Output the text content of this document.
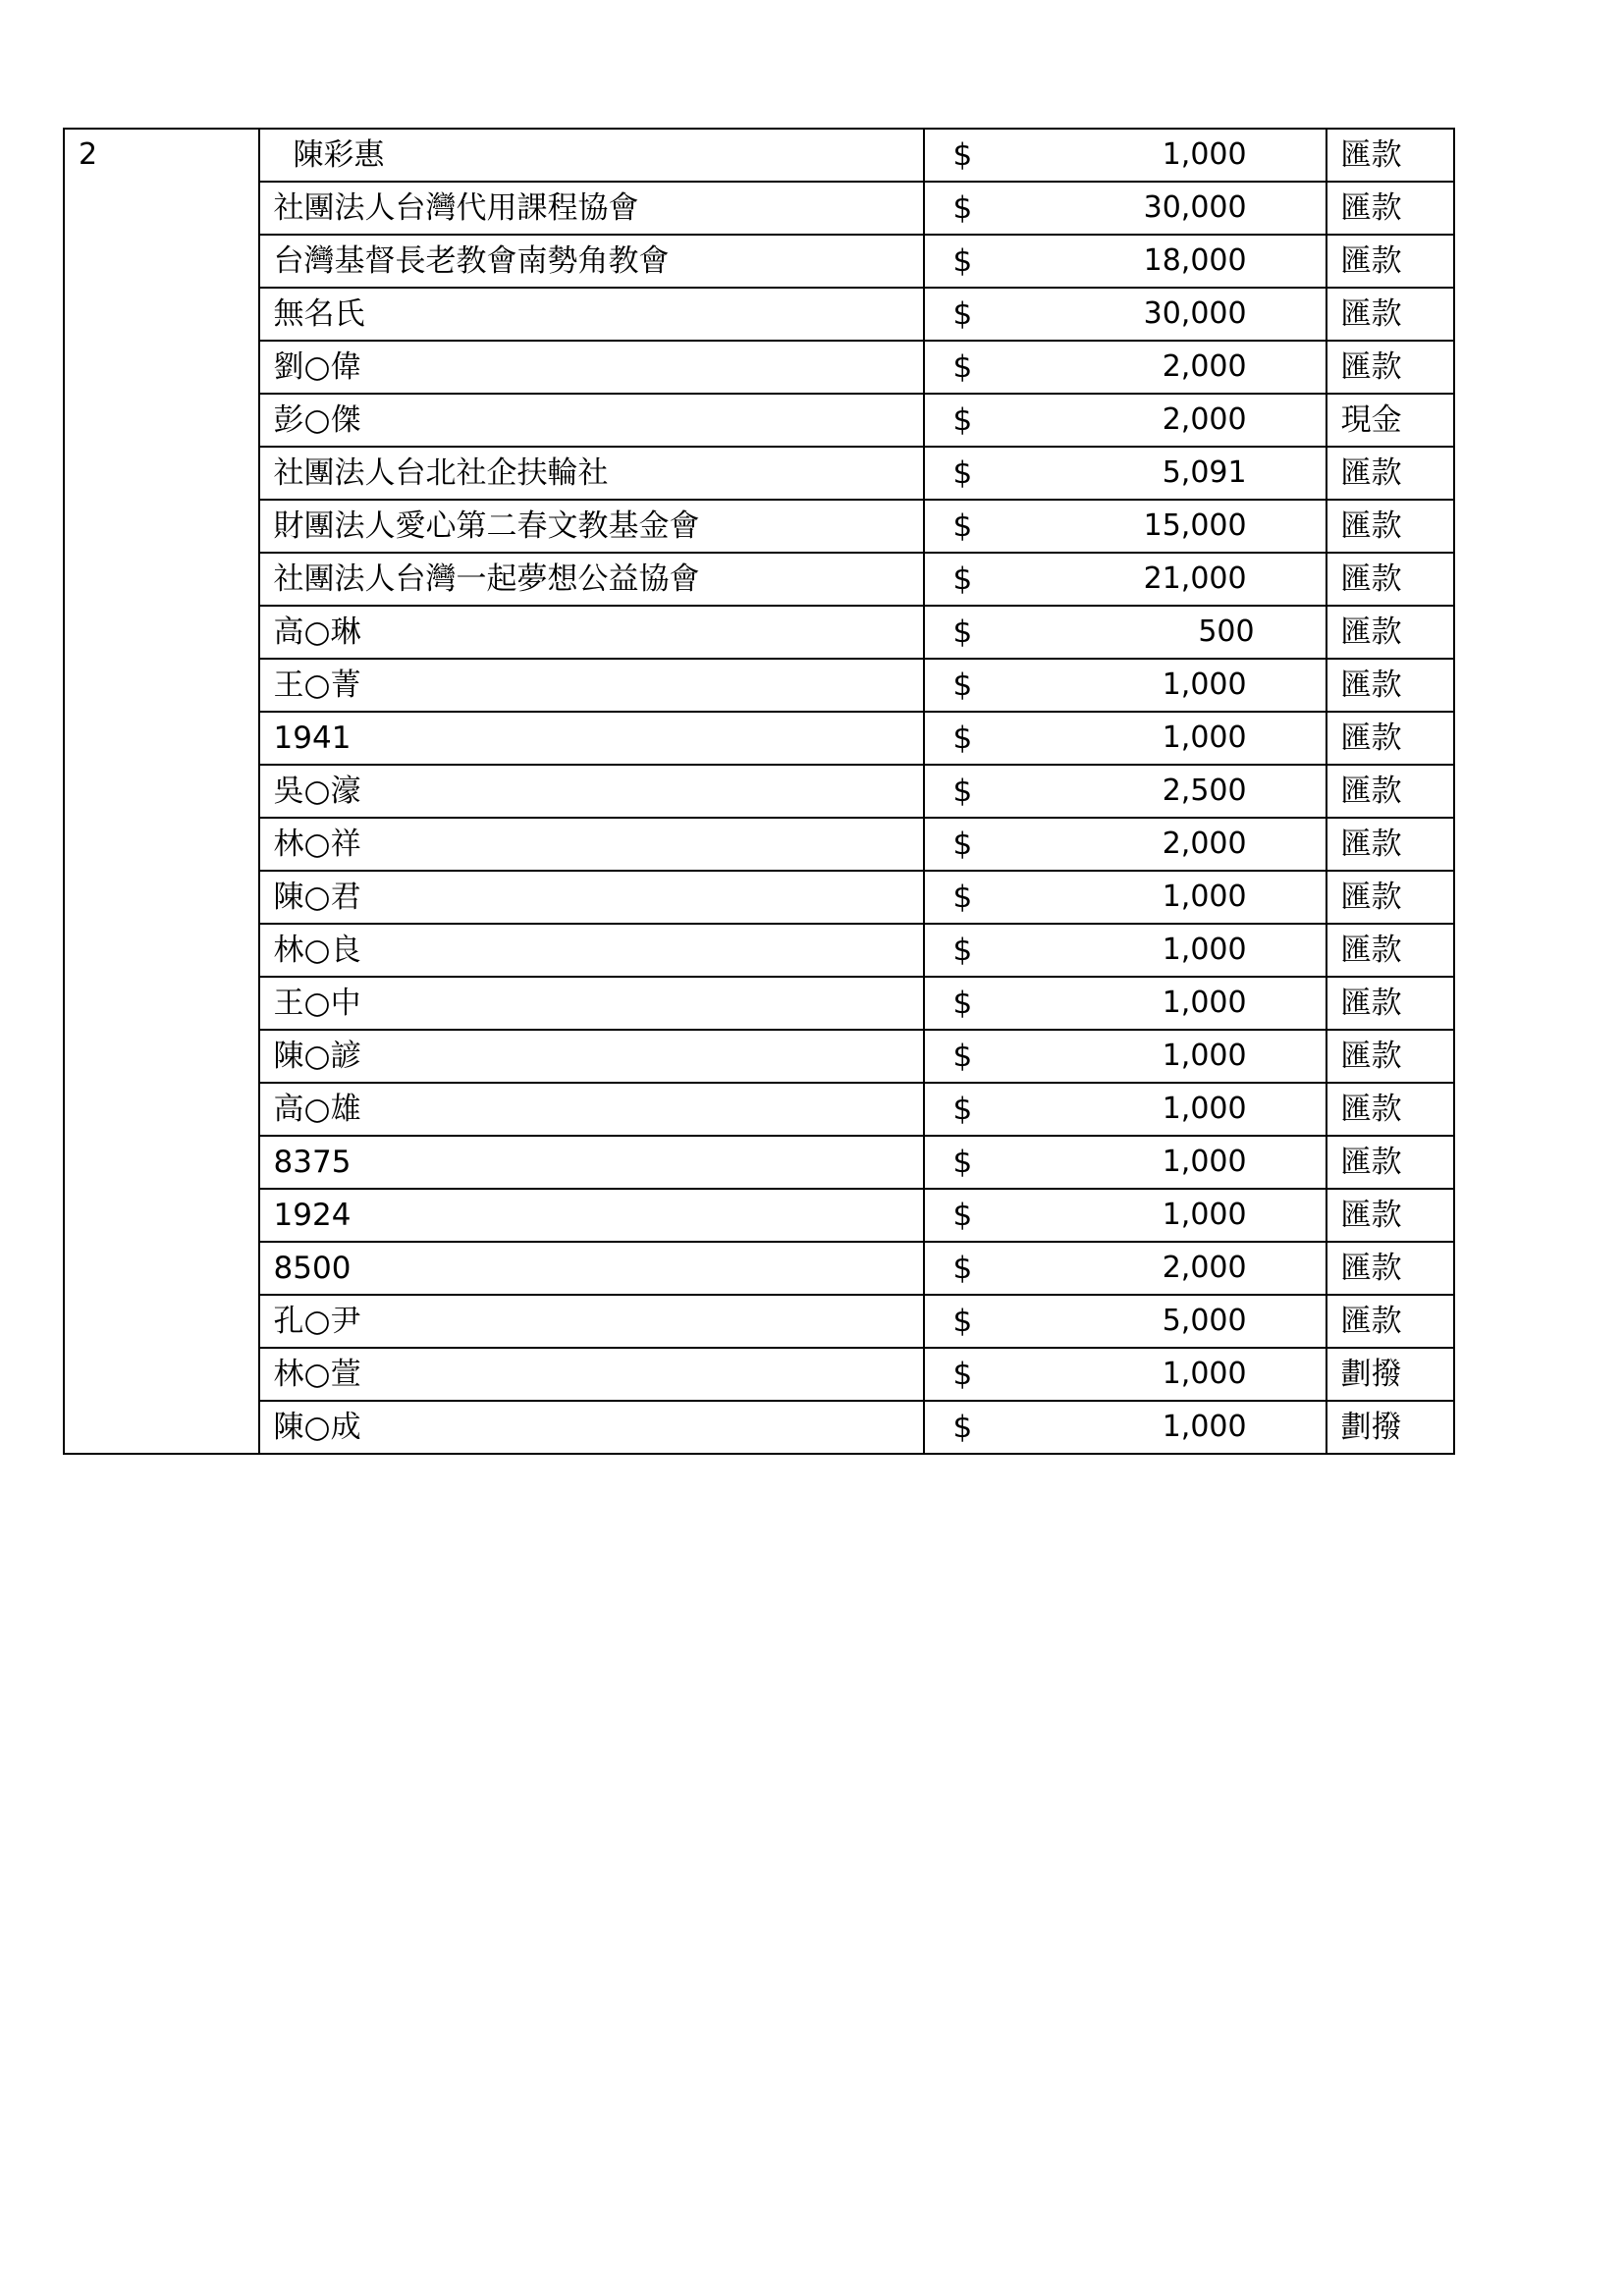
2	陳彩惠	$ 1,000	匯款
	社團法人台灣代用課程協會	$ 30,000	匯款
	台灣基督長老教會南勢角教會	$ 18,000	匯款
	無名氏	$ 30,000	匯款
	劉○偉	$ 2,000	匯款
	彭○傑	$ 2,000	現金
	社團法人台北社企扶輪社	$ 5,091	匯款
	財團法人愛心第二春文教基金會	$ 15,000	匯款
	社團法人台灣一起夢想公益協會	$ 21,000	匯款
	高○琳	$ 500	匯款
	王○菁	$ 1,000	匯款
	1941	$ 1,000	匯款
	吳○濠	$ 2,500	匯款
	林○祥	$ 2,000	匯款
	陳○君	$ 1,000	匯款
	林○良	$ 1,000	匯款
	王○中	$ 1,000	匯款
	陳○諺	$ 1,000	匯款
	高○雄	$ 1,000	匯款
	8375	$ 1,000	匯款
	1924	$ 1,000	匯款
	8500	$ 2,000	匯款
	孔○尹	$ 5,000	匯款
	林○萱	$ 1,000	劃撥
	陳○成	$ 1,000	劃撥
